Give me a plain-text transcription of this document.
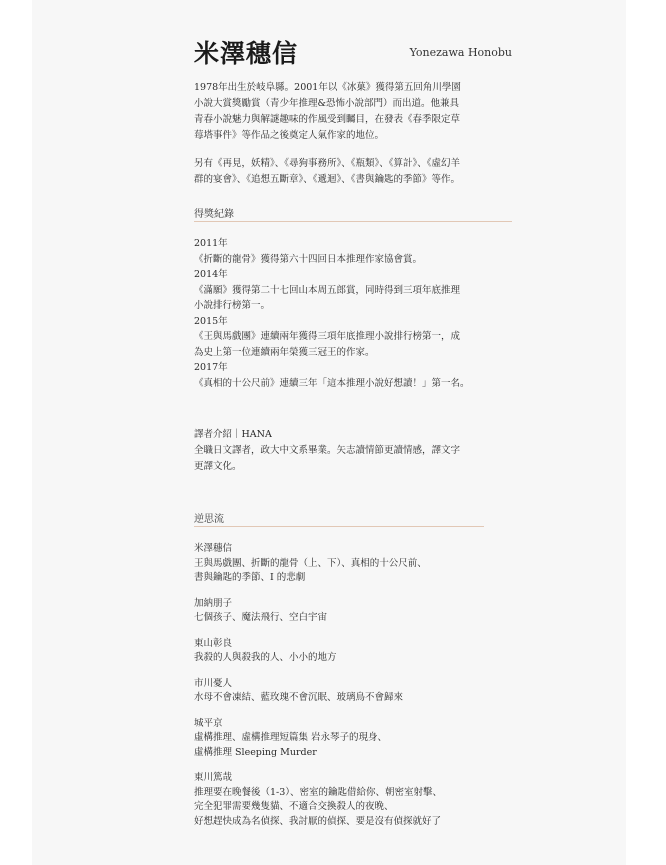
米澤穗信	Yonezawa Honobu

1978年出生於岐阜縣。2001年以《冰菓》獲得第五回角川學園

小說大賞獎勵賞（青少年推理&恐怖小說部門）而出道。他兼具

青春小說魅力與解謎趣味的作風受到矚目，在發表《春季限定草

莓塔事件》等作品之後奠定人氣作家的地位。

另有《再見，妖精》、《尋狗事務所》、《瓶類》、《算計》、《虛幻羊

群的宴會》、《追想五斷章》、《遞迴》、《書與鑰匙的季節》等作。

得獎紀錄

2011年
《折斷的龍骨》獲得第六十四回日本推理作家協會賞。
2014年
《滿願》獲得第二十七回山本周五郎賞，同時得到三項年底推理
小說排行榜第一。
2015年
《王與馬戲團》連續兩年獲得三項年底推理小說排行榜第一，成
為史上第一位連續兩年榮獲三冠王的作家。
2017年
《真相的十公尺前》連續三年「這本推理小說好想讀！」第一名。

譯者介紹｜HANA

全職日文譯者，政大中文系畢業。矢志讀情節更讀情感，譯文字

更譯文化。

逆思流

米澤穗信
王與馬戲團、折斷的龍骨（上、下）、真相的十公尺前、
書與鑰匙的季節、I 的悲劇
加納朋子
七個孩子、魔法飛行、空白宇宙
東山彰良
我殺的人與殺我的人、小小的地方
市川憂人
水母不會凍結、藍玫瑰不會沉眠、玻璃鳥不會歸來
城平京
虛構推理、虛構推理短篇集 岩永琴子的現身、
虛構推理 Sleeping Murder
東川篤哉
推理要在晚餐後（1-3）、密室的鑰匙借給你、朝密室射擊、
完全犯罪需要幾隻貓、不適合交換殺人的夜晚、
好想趕快成為名偵探、我討厭的偵探、要是沒有偵探就好了
